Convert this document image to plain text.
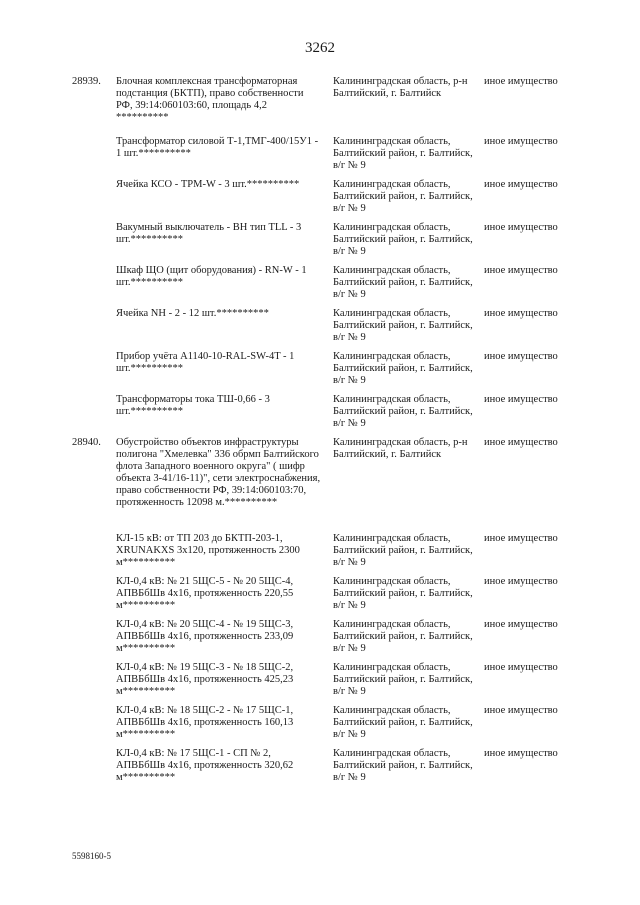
3262
28939. Блочная комплексная трансформаторная подстанция (БКТП), право собственности РФ, 39:14:060103:60, площадь 4,2 **********
Калининградская область, р-н Балтийский, г. Балтийск
иное имущество
Трансформатор силовой Т-1,ТМГ-400/15У1 - 1 шт.**********
Калининградская область, Балтийский район, г. Балтийск, в/г № 9
иное имущество
Ячейка КСО - TPM-W - 3 шт.**********	Калининградская область, Балтийский район, г. Балтийск, в/г № 9
иное имущество
Вакумный выключатель - ВН тип TLL - 3 шт.**********
Калининградская область, Балтийский район, г. Балтийск, в/г № 9
иное имущество
Шкаф ЩО (щит оборудования) - RN-W - 1 шт.**********
Калининградская область, Балтийский район, г. Балтийск, в/г № 9
иное имущество
Ячейка NH - 2 - 12 шт.**********	Калининградская область, Балтийский район, г. Балтийск, в/г № 9
иное имущество
Прибор учёта A1140-10-RAL-SW-4T - 1 шт.**********
Калининградская область, Балтийский район, г. Балтийск, в/г № 9
иное имущество
Трансформаторы тока ТШ-0,66 - 3 шт.**********
Калининградская область, Балтийский район, г. Балтийск, в/г № 9
иное имущество
28940. Обустройство объектов инфраструктуры полигона "Хмелевка" 336 обрмп Балтийского флота Западного военного округа" ( шифр объекта 3-41/16-11)", сети электроснабжения, право собственности РФ, 39:14:060103:70, протяженность 12098 м.**********
Калининградская область, р-н Балтийский, г. Балтийск
иное имущество
КЛ-15 кВ: от ТП 203 до БКТП-203-1, XRUNAKXS 3х120, протяженность 2300 м**********
Калининградская область, Балтийский район, г. Балтийск, в/г № 9
иное имущество
КЛ-0,4 кВ: № 21 5ЩС-5 - № 20 5ЩС-4, АПВБбШв 4х16, протяженность 220,55 м**********
Калининградская область, Балтийский район, г. Балтийск, в/г № 9
иное имущество
КЛ-0,4 кВ: № 20 5ЩС-4 - № 19 5ЩС-3, АПВБбШв 4х16, протяженность 233,09 м**********
Калининградская область, Балтийский район, г. Балтийск, в/г № 9
иное имущество
КЛ-0,4 кВ: № 19 5ЩС-3 - № 18 5ЩС-2, АПВБбШв 4х16, протяженность 425,23 м**********
Калининградская область, Балтийский район, г. Балтийск, в/г № 9
иное имущество
КЛ-0,4 кВ: № 18 5ЩС-2 - № 17 5ЩС-1, АПВБбШв 4х16, протяженность 160,13 м**********
Калининградская область, Балтийский район, г. Балтийск, в/г № 9
иное имущество
КЛ-0,4 кВ: № 17 5ЩС-1 - СП № 2, АПВБбШв 4х16, протяженность 320,62 м**********
Калининградская область, Балтийский район, г. Балтийск, в/г № 9
иное имущество
5598160-5
